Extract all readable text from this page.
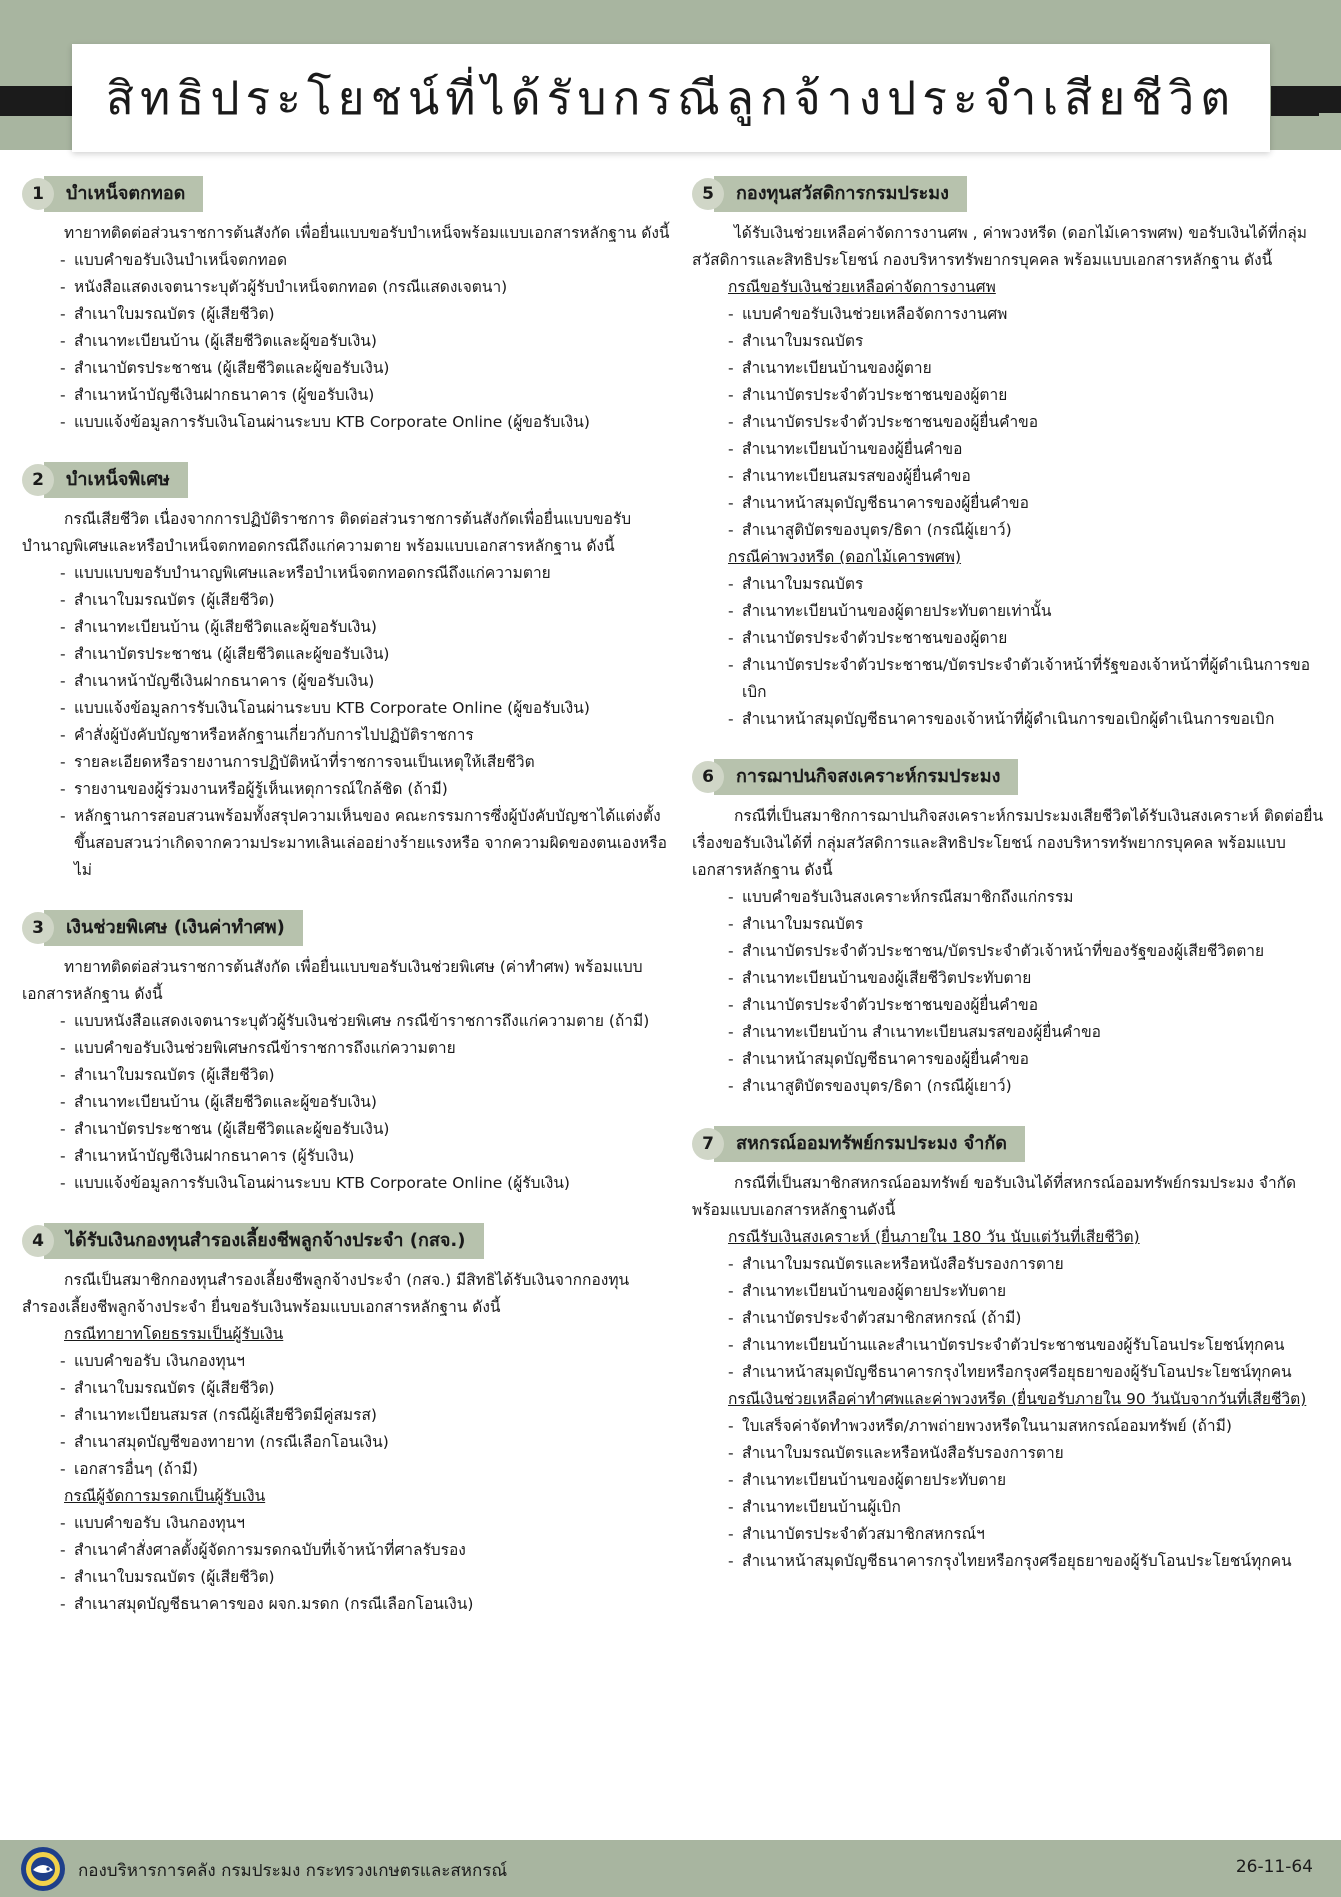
สิทธิประโยชน์ที่ได้รับกรณีลูกจ้างประจำเสียชีวิต
1	บำเหน็จตกทอด

ทายาทติดต่อส่วนราชการต้นสังกัด เพื่อยื่นแบบขอรับบำเหน็จพร้อมแบบเอกสารหลักฐาน ดังนี้

- แบบคำขอรับเงินบำเหน็จตกทอด
- หนังสือแสดงเจตนาระบุตัวผู้รับบำเหน็จตกทอด (กรณีแสดงเจตนา)
- สำเนาใบมรณบัตร (ผู้เสียชีวิต)
- สำเนาทะเบียนบ้าน (ผู้เสียชีวิตและผู้ขอรับเงิน)
- สำเนาบัตรประชาชน (ผู้เสียชีวิตและผู้ขอรับเงิน)
- สำเนาหน้าบัญชีเงินฝากธนาคาร (ผู้ขอรับเงิน)
- แบบแจ้งข้อมูลการรับเงินโอนผ่านระบบ KTB Corporate Online (ผู้ขอรับเงิน)
2	บำเหน็จพิเศษ

กรณีเสียชีวิต เนื่องจากการปฏิบัติราชการ ติดต่อส่วนราชการต้นสังกัดเพื่อยื่นแบบขอรับบำนาญพิเศษและหรือบำเหน็จตกทอดกรณีถึงแก่ความตาย พร้อมแบบเอกสารหลักฐาน ดังนี้

- แบบแบบขอรับบำนาญพิเศษและหรือบำเหน็จตกทอดกรณีถึงแก่ความตาย
- สำเนาใบมรณบัตร (ผู้เสียชีวิต)
- สำเนาทะเบียนบ้าน (ผู้เสียชีวิตและผู้ขอรับเงิน)
- สำเนาบัตรประชาชน (ผู้เสียชีวิตและผู้ขอรับเงิน)
- สำเนาหน้าบัญชีเงินฝากธนาคาร (ผู้ขอรับเงิน)
- แบบแจ้งข้อมูลการรับเงินโอนผ่านระบบ KTB Corporate Online (ผู้ขอรับเงิน)
- คำสั่งผู้บังคับบัญชาหรือหลักฐานเกี่ยวกับการไปปฏิบัติราชการ
- รายละเอียดหรือรายงานการปฏิบัติหน้าที่ราชการจนเป็นเหตุให้เสียชีวิต
- รายงานของผู้ร่วมงานหรือผู้รู้เห็นเหตุการณ์ใกล้ชิด (ถ้ามี)
- หลักฐานการสอบสวนพร้อมทั้งสรุปความเห็นของ คณะกรรมการซึ่งผู้บังคับบัญชาได้แต่งตั้งขึ้นสอบสวนว่าเกิดจากความประมาทเลินเล่ออย่างร้ายแรงหรือ จากความผิดของตนเองหรือไม่
3	เงินช่วยพิเศษ (เงินค่าทำศพ)

ทายาทติดต่อส่วนราชการต้นสังกัด เพื่อยื่นแบบขอรับเงินช่วยพิเศษ (ค่าทำศพ) พร้อมแบบเอกสารหลักฐาน ดังนี้

- แบบหนังสือแสดงเจตนาระบุตัวผู้รับเงินช่วยพิเศษ กรณีข้าราชการถึงแก่ความตาย (ถ้ามี)
- แบบคำขอรับเงินช่วยพิเศษกรณีข้าราชการถึงแก่ความตาย
- สำเนาใบมรณบัตร (ผู้เสียชีวิต)
- สำเนาทะเบียนบ้าน (ผู้เสียชีวิตและผู้ขอรับเงิน)
- สำเนาบัตรประชาชน (ผู้เสียชีวิตและผู้ขอรับเงิน)
- สำเนาหน้าบัญชีเงินฝากธนาคาร (ผู้รับเงิน)
- แบบแจ้งข้อมูลการรับเงินโอนผ่านระบบ KTB Corporate Online (ผู้รับเงิน)
4	ได้รับเงินกองทุนสำรองเลี้ยงชีพลูกจ้างประจำ (กสจ.)

กรณีเป็นสมาชิกกองทุนสำรองเลี้ยงชีพลูกจ้างประจำ (กสจ.) มีสิทธิได้รับเงินจากกองทุนสำรองเลี้ยงชีพลูกจ้างประจำ ยื่นขอรับเงินพร้อมแบบเอกสารหลักฐาน ดังนี้

กรณีทายาทโดยธรรมเป็นผู้รับเงิน
- แบบคำขอรับ เงินกองทุนฯ
- สำเนาใบมรณบัตร (ผู้เสียชีวิต)
- สำเนาทะเบียนสมรส (กรณีผู้เสียชีวิตมีคู่สมรส)
- สำเนาสมุดบัญชีของทายาท (กรณีเลือกโอนเงิน)
- เอกสารอื่นๆ (ถ้ามี)
กรณีผู้จัดการมรดกเป็นผู้รับเงิน
- แบบคำขอรับ เงินกองทุนฯ
- สำเนาคำสั่งศาลตั้งผู้จัดการมรดกฉบับที่เจ้าหน้าที่ศาลรับรอง
- สำเนาใบมรณบัตร (ผู้เสียชีวิต)
- สำเนาสมุดบัญชีธนาคารของ ผจก.มรดก (กรณีเลือกโอนเงิน)
5	กองทุนสวัสดิการกรมประมง

ได้รับเงินช่วยเหลือค่าจัดการงานศพ , ค่าพวงหรีด (ดอกไม้เคารพศพ) ขอรับเงินได้ที่กลุ่มสวัสดิการและสิทธิประโยชน์ กองบริหารทรัพยากรบุคคล พร้อมแบบเอกสารหลักฐาน ดังนี้

กรณีขอรับเงินช่วยเหลือค่าจัดการงานศพ
- แบบคำขอรับเงินช่วยเหลือจัดการงานศพ
- สำเนาใบมรณบัตร
- สำเนาทะเบียนบ้านของผู้ตาย
- สำเนาบัตรประจำตัวประชาชนของผู้ตาย
- สำเนาบัตรประจำตัวประชาชนของผู้ยื่นคำขอ
- สำเนาทะเบียนบ้านของผู้ยื่นคำขอ
- สำเนาทะเบียนสมรสของผู้ยื่นคำขอ
- สำเนาหน้าสมุดบัญชีธนาคารของผู้ยื่นคำขอ
- สำเนาสูติบัตรของบุตร/ธิดา (กรณีผู้เยาว์)
กรณีค่าพวงหรีด (ดอกไม้เคารพศพ)
- สำเนาใบมรณบัตร
- สำเนาทะเบียนบ้านของผู้ตายประทับตายเท่านั้น
- สำเนาบัตรประจำตัวประชาชนของผู้ตาย
- สำเนาบัตรประจำตัวประชาชน/บัตรประจำตัวเจ้าหน้าที่รัฐของเจ้าหน้าที่ผู้ดำเนินการขอเบิก
- สำเนาหน้าสมุดบัญชีธนาคารของเจ้าหน้าที่ผู้ดำเนินการขอเบิกผู้ดำเนินการขอเบิก
6	การฌาปนกิจสงเคราะห์กรมประมง

กรณีที่เป็นสมาชิกการฌาปนกิจสงเคราะห์กรมประมงเสียชีวิตได้รับเงินสงเคราะห์ ติดต่อยื่นเรื่องขอรับเงินได้ที่ กลุ่มสวัสดิการและสิทธิประโยชน์ กองบริหารทรัพยากรบุคคล พร้อมแบบเอกสารหลักฐาน ดังนี้

- แบบคำขอรับเงินสงเคราะห์กรณีสมาชิกถึงแก่กรรม
- สำเนาใบมรณบัตร
- สำเนาบัตรประจำตัวประชาชน/บัตรประจำตัวเจ้าหน้าที่ของรัฐของผู้เสียชีวิตตาย
- สำเนาทะเบียนบ้านของผู้เสียชีวิตประทับตาย
- สำเนาบัตรประจำตัวประชาชนของผู้ยื่นคำขอ
- สำเนาทะเบียนบ้าน สำเนาทะเบียนสมรสของผู้ยื่นคำขอ
- สำเนาหน้าสมุดบัญชีธนาคารของผู้ยื่นคำขอ
- สำเนาสูติบัตรของบุตร/ธิดา (กรณีผู้เยาว์)
7	สหกรณ์ออมทรัพย์กรมประมง จำกัด

กรณีที่เป็นสมาชิกสหกรณ์ออมทรัพย์ ขอรับเงินได้ที่สหกรณ์ออมทรัพย์กรมประมง จำกัด พร้อมแบบเอกสารหลักฐานดังนี้

กรณีรับเงินสงเคราะห์ (ยื่นภายใน 180 วัน นับแต่วันที่เสียชีวิต)
- สำเนาใบมรณบัตรและหรือหนังสือรับรองการตาย
- สำเนาทะเบียนบ้านของผู้ตายประทับตาย
- สำเนาบัตรประจำตัวสมาชิกสหกรณ์ (ถ้ามี)
- สำเนาทะเบียนบ้านและสำเนาบัตรประจำตัวประชาชนของผู้รับโอนประโยชน์ทุกคน
- สำเนาหน้าสมุดบัญชีธนาคารกรุงไทยหรือกรุงศรีอยุธยาของผู้รับโอนประโยชน์ทุกคน
กรณีเงินช่วยเหลือค่าทำศพและค่าพวงหรีด (ยื่นขอรับภายใน 90 วันนับจากวันที่เสียชีวิต)
- ใบเสร็จค่าจัดทำพวงหรีด/ภาพถ่ายพวงหรีดในนามสหกรณ์ออมทรัพย์ (ถ้ามี)
- สำเนาใบมรณบัตรและหรือหนังสือรับรองการตาย
- สำเนาทะเบียนบ้านของผู้ตายประทับตาย
- สำเนาทะเบียนบ้านผู้เบิก
- สำเนาบัตรประจำตัวสมาชิกสหกรณ์ฯ
- สำเนาหน้าสมุดบัญชีธนาคารกรุงไทยหรือกรุงศรีอยุธยาของผู้รับโอนประโยชน์ทุกคน
กองบริหารการคลัง กรมประมง กระทรวงเกษตรและสหกรณ์	26-11-64
